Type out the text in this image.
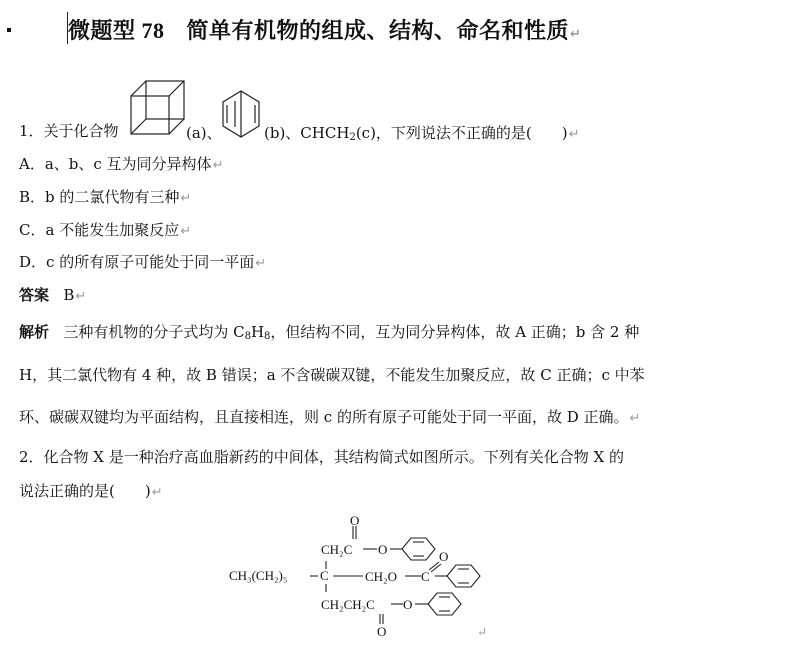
微题型 78 简单有机物的组成、结构、命名和性质↵
1．关于化合物	(a)、	(b)、$CHCH_2(c)$，下列说法不正确的是(　　)↵
A．a、b、c 互为同分异构体↵
B．b 的二氯代物有三种↵
C．a 不能发生加聚反应↵
D．c 的所有原子可能处于同一平面↵
答案 B↵
解析 三种有机物的分子式均为 $C_8H_8$，但结构不同，互为同分异构体，故 A 正确；b 含 2 种
H，其二氯代物有 4 种，故 B 错误；a 不含碳碳双键，不能发生加聚反应，故 C 正确；c 中苯
环、碳碳双键均为平面结构，且直接相连，则 c 的所有原子可能处于同一平面，故 D 正确。↵
2．化合物 X 是一种治疗高血脂新药的中间体，其结构简式如图所示。下列有关化合物 X 的
说法正确的是(　　)↵
O
CH₂C O
CH₃(CH₂)₅	C	CH₂O C
O
CH₂CH₂C O
O	↵
